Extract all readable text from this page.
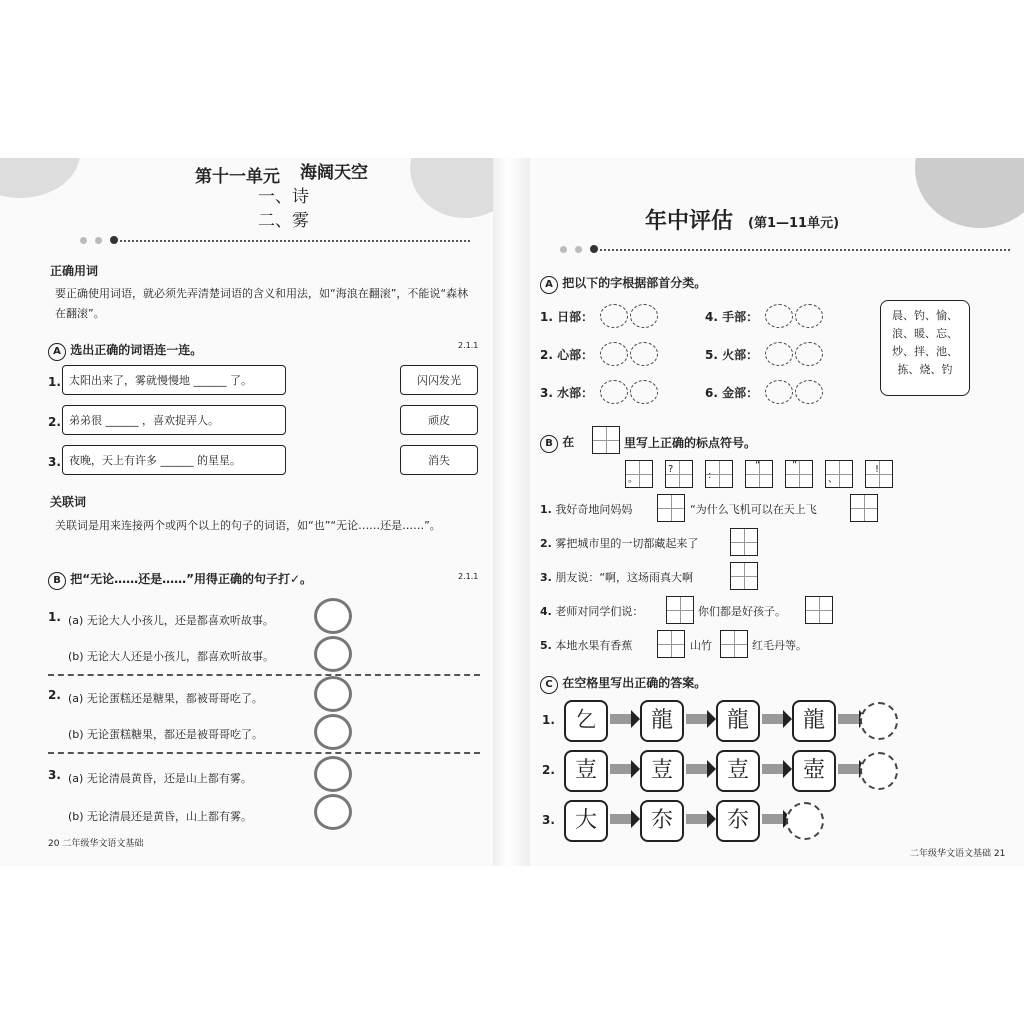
第十一单元 海阔天空
一、诗
二、雾
正确用词
要正确使用词语，就必须先弄清楚词语的含义和用法，如“海浪在翻滚”，不能说“森林在翻滚”。
A 选出正确的词语连一连。	2.1.1
1. 太阳出来了，雾就慢慢地 ______ 了。
2. 弟弟很 ______ ，喜欢捉弄人。
3. 夜晚，天上有许多 ______ 的星星。
闪闪发光
顽皮
消失
关联词
关联词是用来连接两个或两个以上的句子的词语，如“也”“无论……还是……”。
B 把“无论……还是……”用得正确的句子打✓。	2.1.1
1. (a) 无论大人小孩儿，还是都喜欢听故事。
(b) 无论大人还是小孩儿，都喜欢听故事。
2. (a) 无论蛋糕还是糖果，都被哥哥吃了。
(b) 无论蛋糕糖果，都还是被哥哥吃了。
3. (a) 无论清晨黄昏，还是山上都有雾。
(b) 无论清晨还是黄昏，山上都有雾。
20 二年级华文语文基础
年中评估 (第1—11单元)
A 把以下的字根据部首分类。
1. 日部：	4. 手部：
2. 心部：	5. 火部：
3. 水部：	6. 金部：
晨、钓、愉、
浪、暖、忘、
炒、拌、池、
拣、烧、钓
B 在	里写上正确的标点符号。
。
?
:
“	”
、
!
1. 我好奇地问妈妈	“为什么飞机可以在天上飞
2. 雾把城市里的一切都藏起来了
3. 朋友说：“啊，这场雨真大啊
4. 老师对同学们说：	你们都是好孩子。
5. 本地水果有香蕉	山竹	红毛丹等。
C 在空格里写出正确的答案。
1. 𠃉	龍	龍	龍
2. 壴	壴	壴	壺
3. 大	夵	夵
二年级华文语文基础 21
